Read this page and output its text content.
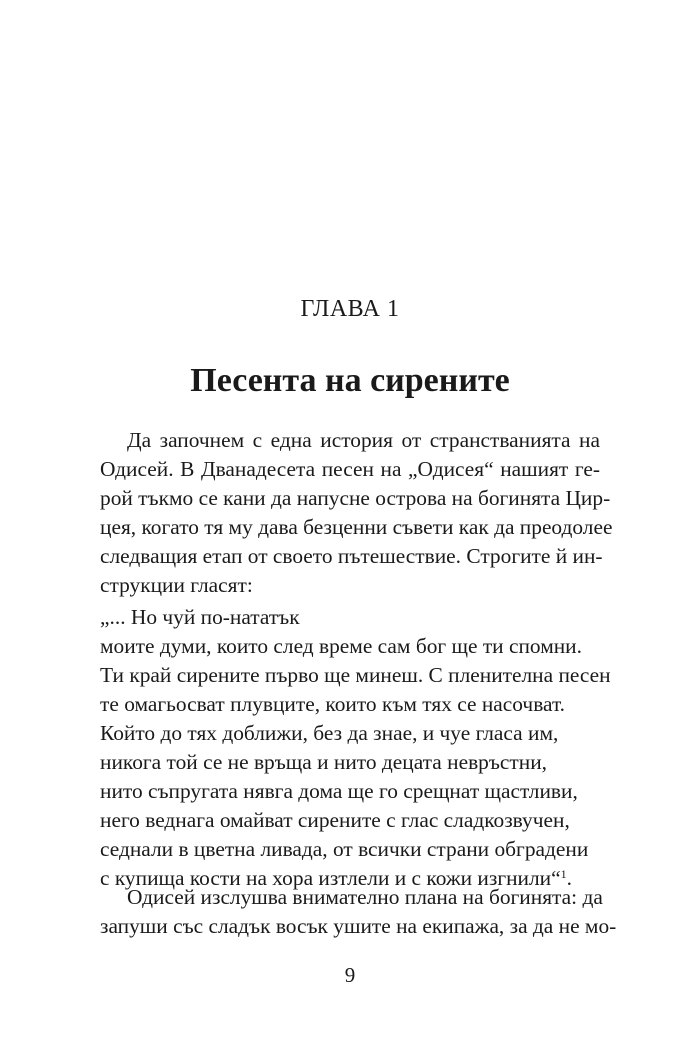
ГЛАВА 1
Песента на сирените
Да започнем с една история от странстванията на
Одисей. В Дванадесета песен на „Одисея“ нашият ге-
рой тъкмо се кани да напусне острова на богинята Цир-
цея, когато тя му дава безценни съвети как да преодолее
следващия етап от своето пътешествие. Строгите й ин-
струкции гласят:
„... Но чуй по-нататък
моите думи, които след време сам бог ще ти спомни.
Ти край сирените първо ще минеш. С пленителна песен
те омагьосват плувците, които към тях се насочват.
Който до тях доближи, без да знае, и чуе гласа им,
никога той се не връща и нито децата невръстни,
нито съпругата нявга дома ще го срещнат щастливи,
него веднага омайват сирените с глас сладкозвучен,
седнали в цветна ливада, от всички страни обградени
с купища кости на хора изтлели и с кожи изгнили“$^1$.
Одисей изслушва внимателно плана на богинята: да
запуши със сладък восък ушите на екипажа, за да не мо-
9
